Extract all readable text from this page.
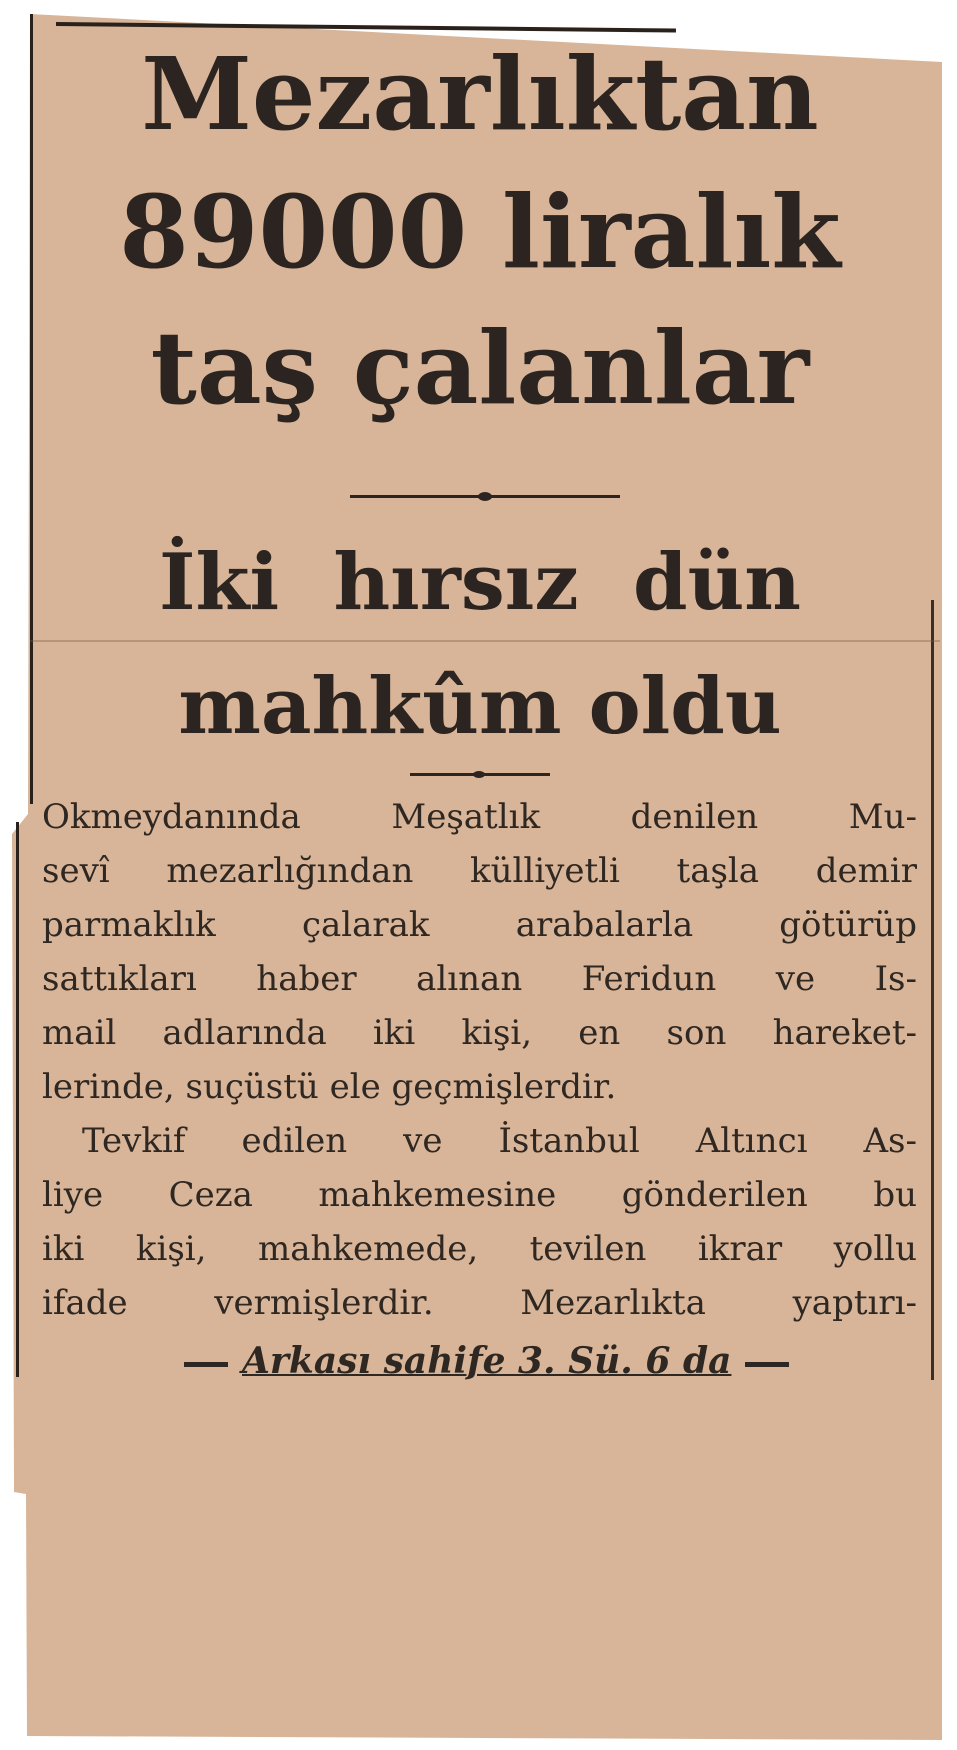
Mezarlıktan
89000 liralık
taş çalanlar
İki  hırsız  dün
mahkûm oldu
Okmeydanında Meşatlık denilen Mu-
sevî mezarlığından külliyetli taşla demir
parmaklık çalarak arabalarla götürüp
sattıkları haber alınan Feridun ve Is-
mail adlarında iki kişi, en son hareket-
lerinde, suçüstü ele geçmişlerdir.
Tevkif edilen ve İstanbul Altıncı As-
liye Ceza mahkemesine gönderilen bu
iki kişi, mahkemede, tevilen ikrar yollu
ifade vermişlerdir. Mezarlıkta yaptırı-
Arkası sahife 3. Sü. 6 da
